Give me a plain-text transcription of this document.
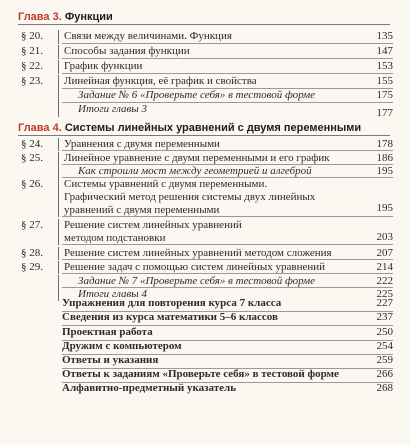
Глава 3. Функции
§ 20.	Связи между величинами. Функция	135
§ 21.	Способы задания функции	147
§ 22.	График функции	153
§ 23.	Линейная функция, её график и свойства	155
Задание № 6 «Проверьте себя» в тестовой форме	175
Итоги главы 3	177
Глава 4. Системы линейных уравнений с двумя переменными
§ 24.	Уравнения с двумя переменными	178
§ 25.	Линейное уравнение с двумя переменными и его график	186
Как строили мост между геометрией и алгеброй	195
§ 26.	Системы уравнений с двумя переменными.
Графический метод решения системы двух линейных
уравнений с двумя переменными	195
§ 27.	Решение систем линейных уравнений
методом подстановки	203
§ 28.	Решение систем линейных уравнений методом сложения	207
§ 29.	Решение задач с помощью систем линейных уравнений	214
Задание № 7 «Проверьте себя» в тестовой форме	222
Итоги главы 4	225
Упражнения для повторения курса 7 класса	227
Сведения из курса математики 5–6 классов	237
Проектная работа	250
Дружим с компьютером	254
Ответы и указания	259
Ответы к заданиям «Проверьте себя» в тестовой форме	266
Алфавитно-предметный указатель	268
